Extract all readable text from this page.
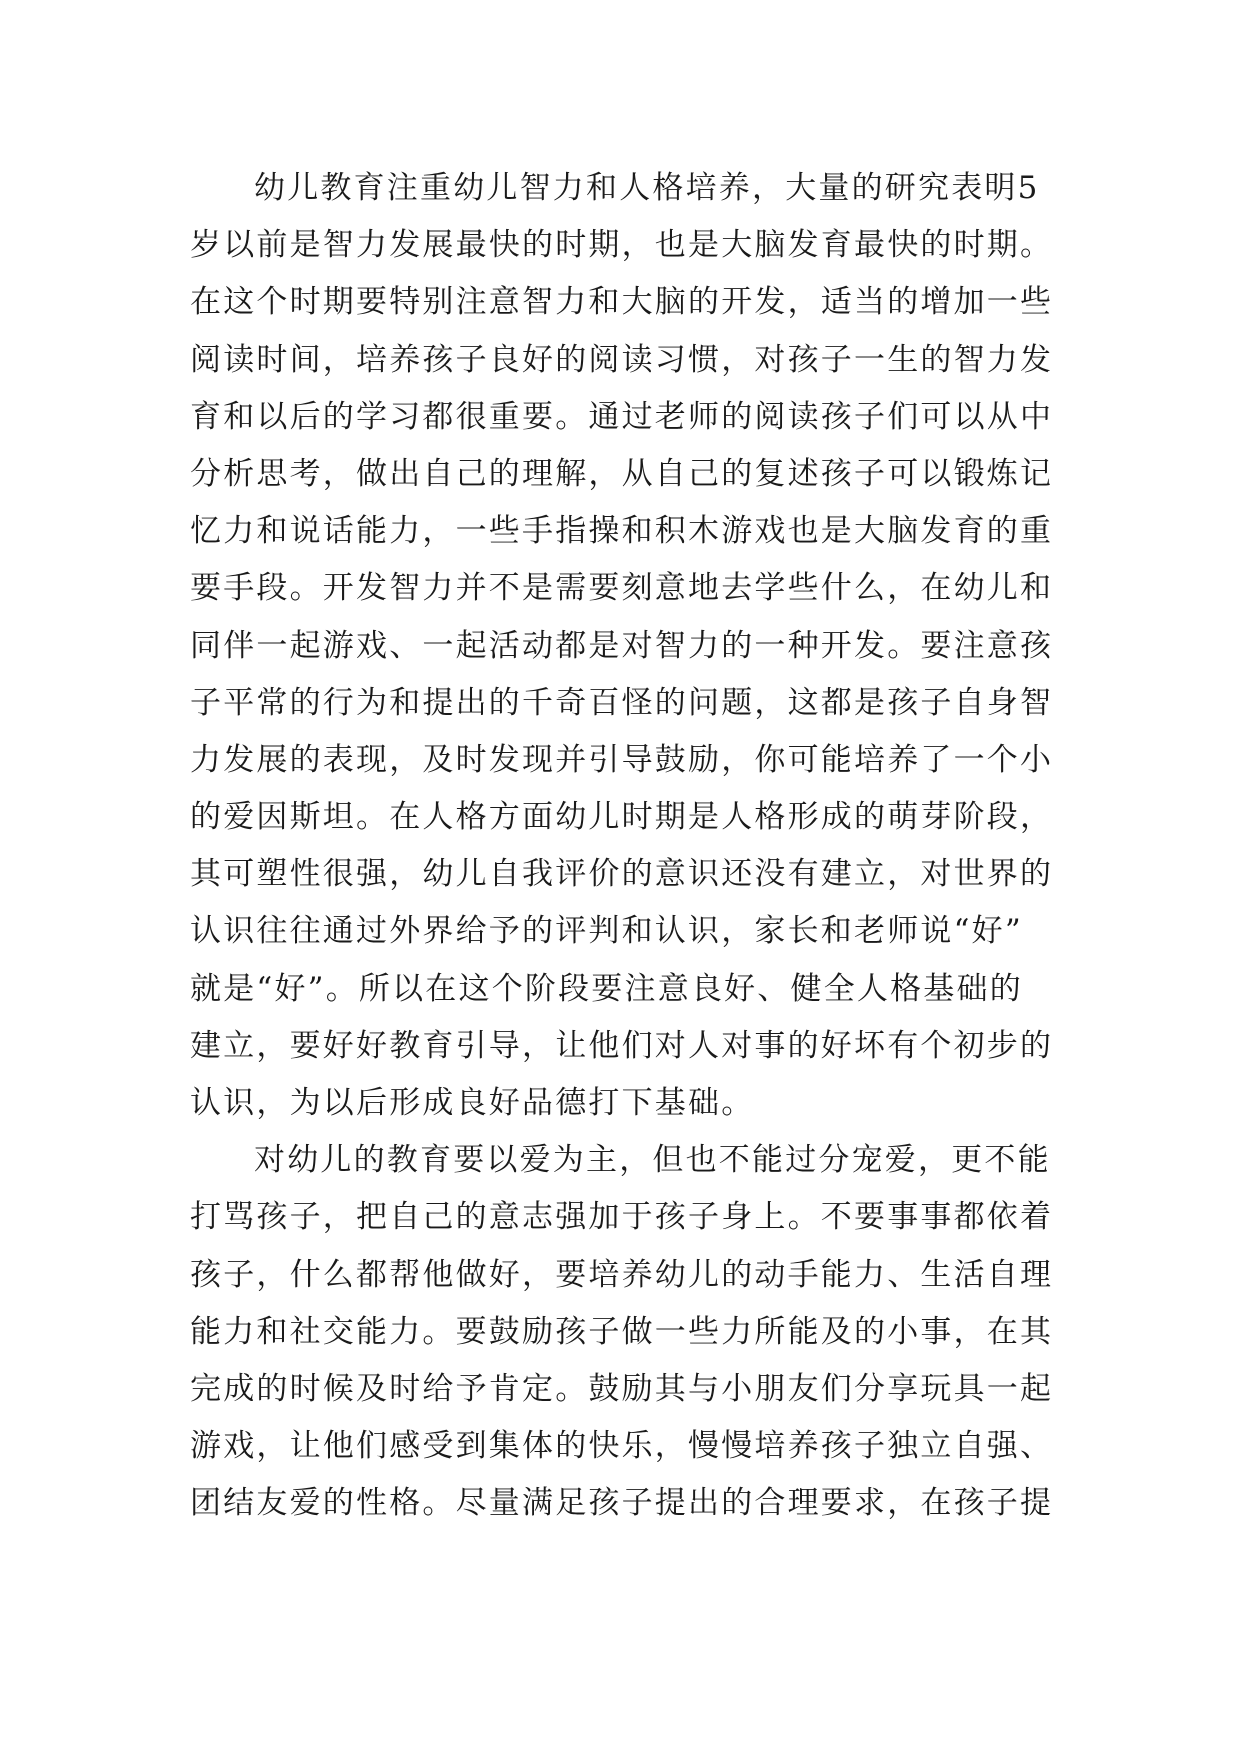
幼儿教育注重幼儿智力和人格培养，大量的研究表明5
岁以前是智力发展最快的时期，也是大脑发育最快的时期。
在这个时期要特别注意智力和大脑的开发，适当的增加一些
阅读时间，培养孩子良好的阅读习惯，对孩子一生的智力发
育和以后的学习都很重要。通过老师的阅读孩子们可以从中
分析思考，做出自己的理解，从自己的复述孩子可以锻炼记
忆力和说话能力，一些手指操和积木游戏也是大脑发育的重
要手段。开发智力并不是需要刻意地去学些什么，在幼儿和
同伴一起游戏、一起活动都是对智力的一种开发。要注意孩
子平常的行为和提出的千奇百怪的问题，这都是孩子自身智
力发展的表现，及时发现并引导鼓励，你可能培养了一个小
的爱因斯坦。在人格方面幼儿时期是人格形成的萌芽阶段，
其可塑性很强，幼儿自我评价的意识还没有建立，对世界的
认识往往通过外界给予的评判和认识，家长和老师说“好”
就是“好”。所以在这个阶段要注意良好、健全人格基础的
建立，要好好教育引导，让他们对人对事的好坏有个初步的
认识，为以后形成良好品德打下基础。
对幼儿的教育要以爱为主，但也不能过分宠爱，更不能
打骂孩子，把自己的意志强加于孩子身上。不要事事都依着
孩子，什么都帮他做好，要培养幼儿的动手能力、生活自理
能力和社交能力。要鼓励孩子做一些力所能及的小事，在其
完成的时候及时给予肯定。鼓励其与小朋友们分享玩具一起
游戏，让他们感受到集体的快乐，慢慢培养孩子独立自强、
团结友爱的性格。尽量满足孩子提出的合理要求，在孩子提
